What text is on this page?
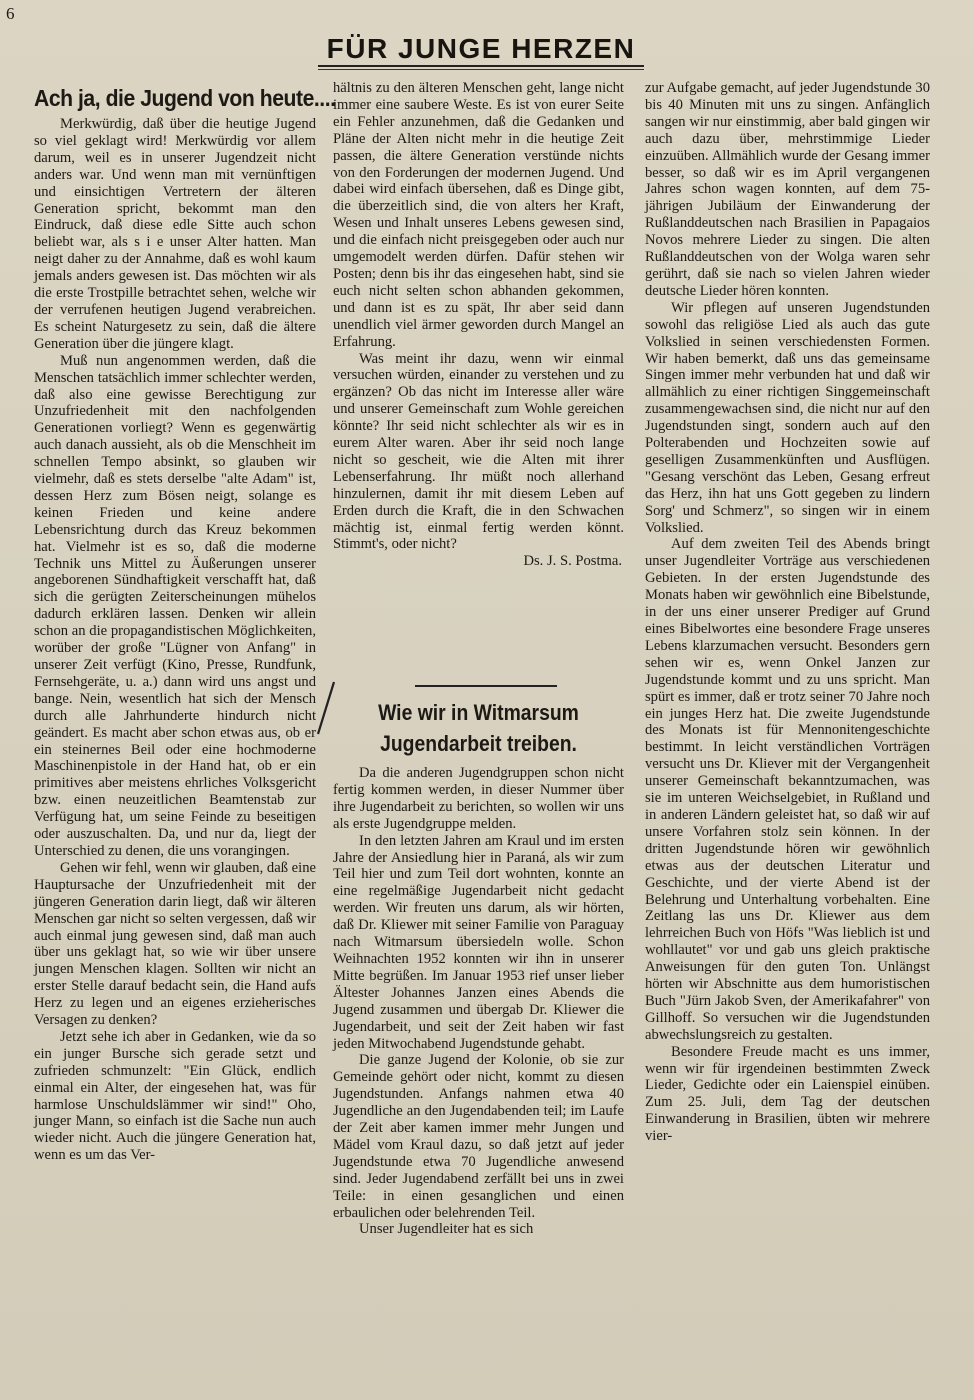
6
FÜR JUNGE HERZEN
Ach ja, die Jugend von heute....

Merkwürdig, daß über die heutige Jugend so viel geklagt wird! Merkwürdig vor allem darum, weil es in unserer Jugendzeit nicht anders war. Und wenn man mit vernünftigen und einsichtigen Vertretern der älteren Generation spricht, bekommt man den Eindruck, daß diese edle Sitte auch schon beliebt war, als s i e unser Alter hatten. Man neigt daher zu der Annahme, daß es wohl kaum jemals anders gewesen ist. Das möchten wir als die erste Trostpille betrachtet sehen, welche wir der verrufenen heutigen Jugend verabreichen. Es scheint Naturgesetz zu sein, daß die ältere Generation über die jüngere klagt.

Muß nun angenommen werden, daß die Menschen tatsächlich immer schlechter werden, daß also eine gewisse Berechtigung zur Unzufriedenheit mit den nachfolgenden Generationen vorliegt? Wenn es gegenwärtig auch danach aussieht, als ob die Menschheit im schnellen Tempo absinkt, so glauben wir vielmehr, daß es stets derselbe "alte Adam" ist, dessen Herz zum Bösen neigt, solange es keinen Frieden und keine andere Lebensrichtung durch das Kreuz bekommen hat. Vielmehr ist es so, daß die moderne Technik uns Mittel zu Äußerungen unserer angeborenen Sündhaftigkeit verschafft hat, daß sich die gerügten Zeiterscheinungen mühelos dadurch erklären lassen. Denken wir allein schon an die propagandistischen Möglichkeiten, worüber der große "Lügner von Anfang" in unserer Zeit verfügt (Kino, Presse, Rundfunk, Fernsehgeräte, u. a.) dann wird uns angst und bange. Nein, wesentlich hat sich der Mensch durch alle Jahrhunderte hindurch nicht geändert. Es macht aber schon etwas aus, ob er ein steinernes Beil oder eine hochmoderne Maschinenpistole in der Hand hat, ob er ein primitives aber meistens ehrliches Volksgericht bzw. einen neuzeitlichen Beamtenstab zur Verfügung hat, um seine Feinde zu beseitigen oder auszuschalten. Da, und nur da, liegt der Unterschied zu denen, die uns vorangingen.

Gehen wir fehl, wenn wir glauben, daß eine Hauptursache der Unzufriedenheit mit der jüngeren Generation darin liegt, daß wir älteren Menschen gar nicht so selten vergessen, daß wir auch einmal jung gewesen sind, daß man auch über uns geklagt hat, so wie wir über unsere jungen Menschen klagen. Sollten wir nicht an erster Stelle darauf bedacht sein, die Hand aufs Herz zu legen und an eigenes erzieherisches Versagen zu denken?

Jetzt sehe ich aber in Gedanken, wie da so ein junger Bursche sich gerade setzt und zufrieden schmunzelt: "Ein Glück, endlich einmal ein Alter, der eingesehen hat, was für harmlose Unschuldslämmer wir sind!" Oho, junger Mann, so einfach ist die Sache nun auch wieder nicht. Auch die jüngere Generation hat, wenn es um das Ver-

hältnis zu den älteren Menschen geht, lange nicht immer eine saubere Weste. Es ist von eurer Seite ein Fehler anzunehmen, daß die Gedanken und Pläne der Alten nicht mehr in die heutige Zeit passen, die ältere Generation verstünde nichts von den Forderungen der modernen Jugend. Und dabei wird einfach übersehen, daß es Dinge gibt, die überzeitlich sind, die von alters her Kraft, Wesen und Inhalt unseres Lebens gewesen sind, und die einfach nicht preisgegeben oder auch nur umgemodelt werden dürfen. Dafür stehen wir Posten; denn bis ihr das eingesehen habt, sind sie euch nicht selten schon abhanden gekommen, und dann ist es zu spät, Ihr aber seid dann unendlich viel ärmer geworden durch Mangel an Erfahrung.

Was meint ihr dazu, wenn wir einmal versuchen würden, einander zu verstehen und zu ergänzen? Ob das nicht im Interesse aller wäre und unserer Gemeinschaft zum Wohle gereichen könnte? Ihr seid nicht schlechter als wir es in eurem Alter waren. Aber ihr seid noch lange nicht so gescheit, wie die Alten mit ihrer Lebenserfahrung. Ihr müßt noch allerhand hinzulernen, damit ihr mit diesem Leben auf Erden durch die Kraft, die in den Schwachen mächtig ist, einmal fertig werden könnt. Stimmt's, oder nicht?

Ds. J. S. Postma.

Wie wir in Witmarsum Jugendarbeit treiben.

Da die anderen Jugendgruppen schon nicht fertig kommen werden, in dieser Nummer über ihre Jugendarbeit zu berichten, so wollen wir uns als erste Jugendgruppe melden.

In den letzten Jahren am Kraul und im ersten Jahre der Ansiedlung hier in Paraná, als wir zum Teil hier und zum Teil dort wohnten, konnte an eine regelmäßige Jugendarbeit nicht gedacht werden. Wir freuten uns darum, als wir hörten, daß Dr. Kliewer mit seiner Familie von Paraguay nach Witmarsum übersiedeln wolle. Schon Weihnachten 1952 konnten wir ihn in unserer Mitte begrüßen. Im Januar 1953 rief unser lieber Ältester Johannes Janzen eines Abends die Jugend zusammen und übergab Dr. Kliewer die Jugendarbeit, und seit der Zeit haben wir fast jeden Mitwochabend Jugendstunde gehabt.

Die ganze Jugend der Kolonie, ob sie zur Gemeinde gehört oder nicht, kommt zu diesen Jugendstunden. Anfangs nahmen etwa 40 Jugendliche an den Jugendabenden teil; im Laufe der Zeit aber kamen immer mehr Jungen und Mädel vom Kraul dazu, so daß jetzt auf jeder Jugendstunde etwa 70 Jugendliche anwesend sind. Jeder Jugendabend zerfällt bei uns in zwei Teile: in einen gesanglichen und einen erbaulichen oder belehrenden Teil.

Unser Jugendleiter hat es sich

zur Aufgabe gemacht, auf jeder Jugendstunde 30 bis 40 Minuten mit uns zu singen. Anfänglich sangen wir nur einstimmig, aber bald gingen wir auch dazu über, mehrstimmige Lieder einzuüben. Allmählich wurde der Gesang immer besser, so daß wir es im April vergangenen Jahres schon wagen konnten, auf dem 75-jährigen Jubiläum der Einwanderung der Rußlanddeutschen nach Brasilien in Papagaios Novos mehrere Lieder zu singen. Die alten Rußlanddeutschen von der Wolga waren sehr gerührt, daß sie nach so vielen Jahren wieder deutsche Lieder hören konnten.

Wir pflegen auf unseren Jugendstunden sowohl das religiöse Lied als auch das gute Volkslied in seinen verschiedensten Formen. Wir haben bemerkt, daß uns das gemeinsame Singen immer mehr verbunden hat und daß wir allmählich zu einer richtigen Singgemeinschaft zusammengewachsen sind, die nicht nur auf den Jugendstunden singt, sondern auch auf den Polterabenden und Hochzeiten sowie auf geselligen Zusammenkünften und Ausflügen. "Gesang verschönt das Leben, Gesang erfreut das Herz, ihn hat uns Gott gegeben zu lindern Sorg' und Schmerz", so singen wir in einem Volkslied.

Auf dem zweiten Teil des Abends bringt unser Jugendleiter Vorträge aus verschiedenen Gebieten. In der ersten Jugendstunde des Monats haben wir gewöhnlich eine Bibelstunde, in der uns einer unserer Prediger auf Grund eines Bibelwortes eine besondere Frage unseres Lebens klarzumachen versucht. Besonders gern sehen wir es, wenn Onkel Janzen zur Jugendstunde kommt und zu uns spricht. Man spürt es immer, daß er trotz seiner 70 Jahre noch ein junges Herz hat. Die zweite Jugendstunde des Monats ist für Mennonitengeschichte bestimmt. In leicht verständlichen Vorträgen versucht uns Dr. Kliever mit der Vergangenheit unserer Gemeinschaft bekanntzumachen, was sie im unteren Weichselgebiet, in Rußland und in anderen Ländern geleistet hat, so daß wir auf unsere Vorfahren stolz sein können. In der dritten Jugendstunde hören wir gewöhnlich etwas aus der deutschen Literatur und Geschichte, und der vierte Abend ist der Belehrung und Unterhaltung vorbehalten. Eine Zeitlang las uns Dr. Kliewer aus dem lehrreichen Buch von Höfs "Was lieblich ist und wohllautet" vor und gab uns gleich praktische Anweisungen für den guten Ton. Unlängst hörten wir Abschnitte aus dem humoristischen Buch "Jürn Jakob Sven, der Amerikafahrer" von Gillhoff. So versuchen wir die Jugendstunden abwechslungsreich zu gestalten.

Besondere Freude macht es uns immer, wenn wir für irgendeinen bestimmten Zweck Lieder, Gedichte oder ein Laienspiel einüben. Zum 25. Juli, dem Tag der deutschen Einwanderung in Brasilien, übten wir mehrere vier-
